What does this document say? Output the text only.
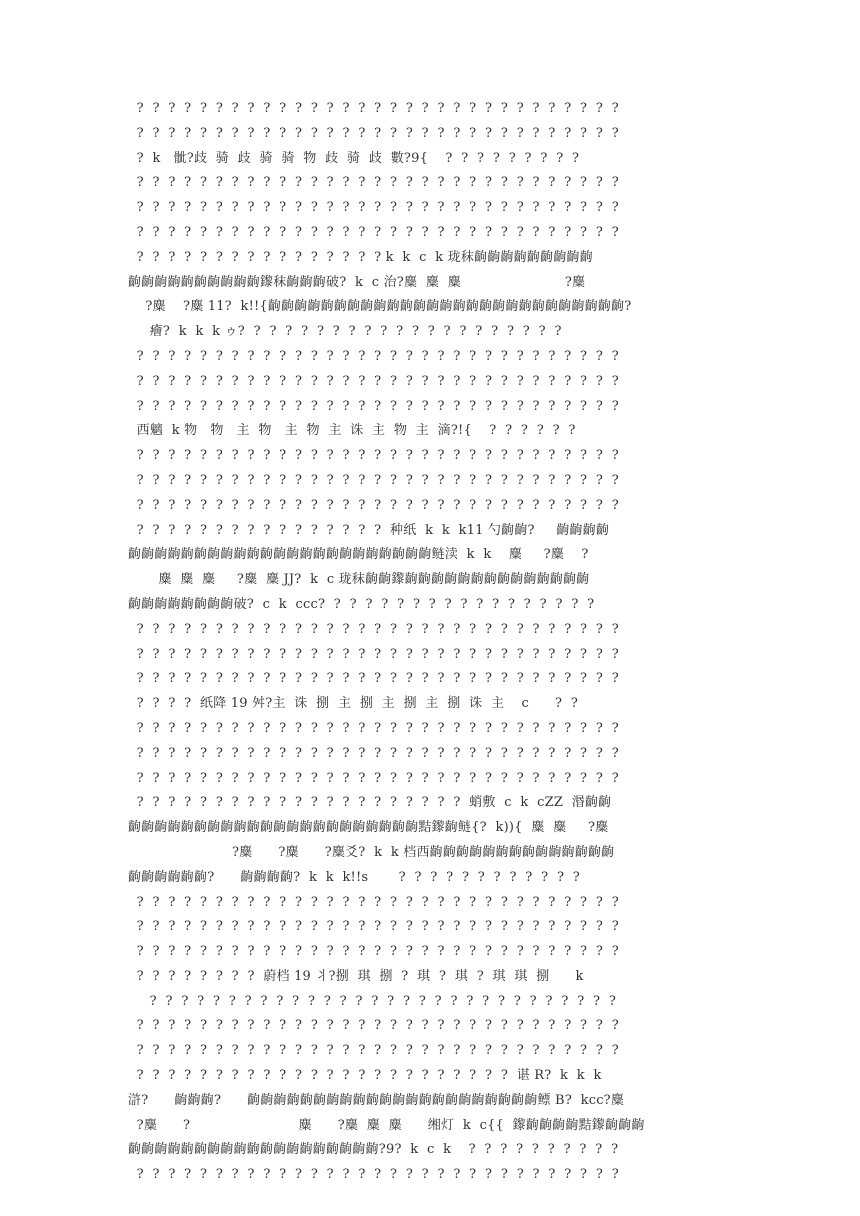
?  ?  ?  ?  ?  ?  ?  ?  ?  ?  ?  ?  ?  ?  ?  ?  ?  ?  ?  ?  ?  ?  ?  ?  ?  ?  ?  ?  ?  ?  ?
?  ?  ?  ?  ?  ?  ?  ?  ?  ?  ?  ?  ?  ?  ?  ?  ?  ?  ?  ?  ?  ?  ?  ?  ?  ?  ?  ?  ?  ?  ?
?  k   骴?歧  骑  歧  骑  骑  物  歧  骑  歧  數?9{    ?  ?  ?  ?  ?  ?  ?  ?  ?
?  ?  ?  ?  ?  ?  ?  ?  ?  ?  ?  ?  ?  ?  ?  ?  ?  ?  ?  ?  ?  ?  ?  ?  ?  ?  ?  ?  ?  ?  ?
?  ?  ?  ?  ?  ?  ?  ?  ?  ?  ?  ?  ?  ?  ?  ?  ?  ?  ?  ?  ?  ?  ?  ?  ?  ?  ?  ?  ?  ?  ?
?  ?  ?  ?  ?  ?  ?  ?  ?  ?  ?  ?  ?  ?  ?  ?  ?  ?  ?  ?  ?  ?  ?  ?  ?  ?  ?  ?  ?  ?  ?
?  ?  ?  ?  ?  ?  ?  ?  ?  ?  ?  ?  ?  ?  ?  ? k  k  c  k 珑秣齣齣齣齣齣齣齣齣齣
齣齣齣齣齣齣齣齣齣齣鑗秣齣齣齣破?  k  c 治?麋  麋  麋                        ?麋
?麋    ?麋 11?  k!!{齣齣齣齣齣齣齣齣齣齣齣齣齣齣齣齣齣齣齣齣齣齣齣齣齣齣齣?
癐?  k  k  k ゥ?  ?  ?  ?  ?  ?  ?  ?  ?  ?  ?  ?  ?  ?  ?  ?  ?  ?  ?  ?  ?
?  ?  ?  ?  ?  ?  ?  ?  ?  ?  ?  ?  ?  ?  ?  ?  ?  ?  ?  ?  ?  ?  ?  ?  ?  ?  ?  ?  ?  ?  ?
?  ?  ?  ?  ?  ?  ?  ?  ?  ?  ?  ?  ?  ?  ?  ?  ?  ?  ?  ?  ?  ?  ?  ?  ?  ?  ?  ?  ?  ?  ?
?  ?  ?  ?  ?  ?  ?  ?  ?  ?  ?  ?  ?  ?  ?  ?  ?  ?  ?  ?  ?  ?  ?  ?  ?  ?  ?  ?  ?  ?  ?
西魑  k 物   物   主  物   主  物  主  诛  主  物  主  滴?!{    ?  ?  ?  ?  ?  ?
?  ?  ?  ?  ?  ?  ?  ?  ?  ?  ?  ?  ?  ?  ?  ?  ?  ?  ?  ?  ?  ?  ?  ?  ?  ?  ?  ?  ?  ?  ?
?  ?  ?  ?  ?  ?  ?  ?  ?  ?  ?  ?  ?  ?  ?  ?  ?  ?  ?  ?  ?  ?  ?  ?  ?  ?  ?  ?  ?  ?  ?
?  ?  ?  ?  ?  ?  ?  ?  ?  ?  ?  ?  ?  ?  ?  ?  ?  ?  ?  ?  ?  ?  ?  ?  ?  ?  ?  ?  ?  ?  ?
?  ?  ?  ?  ?  ?  ?  ?  ?  ?  ?  ?  ?  ?  ?  ?  种纸  k  k  k11 勺齣齣?     齣齣齣齣
齣齣齣齣齣齣齣齣齣齣齣齣齣齣齣齣齣齣齣齣齣齣齣鲢渎  k  k    麋     ?麋    ?
麋  麋  麋     ?麋  麋 JJ?  k  c 珑秣齣齣鑗齣齣齣齣齣齣齣齣齣齣齣齣齣齣
齣齣齣齣齣齣齣齣破?  c  k  ccc?  ?  ?  ?  ?  ?  ?  ?  ?  ?  ?  ?  ?  ?  ?  ?  ?  ?
?  ?  ?  ?  ?  ?  ?  ?  ?  ?  ?  ?  ?  ?  ?  ?  ?  ?  ?  ?  ?  ?  ?  ?  ?  ?  ?  ?  ?  ?  ?
?  ?  ?  ?  ?  ?  ?  ?  ?  ?  ?  ?  ?  ?  ?  ?  ?  ?  ?  ?  ?  ?  ?  ?  ?  ?  ?  ?  ?  ?  ?
?  ?  ?  ?  ?  ?  ?  ?  ?  ?  ?  ?  ?  ?  ?  ?  ?  ?  ?  ?  ?  ?  ?  ?  ?  ?  ?  ?  ?  ?  ?
?  ?  ?  ?  纸降 19 舛?主  诛  捌  主  捌  主  捌  主  捌  诛  主    c      ?  ?
?  ?  ?  ?  ?  ?  ?  ?  ?  ?  ?  ?  ?  ?  ?  ?  ?  ?  ?  ?  ?  ?  ?  ?  ?  ?  ?  ?  ?  ?  ?
?  ?  ?  ?  ?  ?  ?  ?  ?  ?  ?  ?  ?  ?  ?  ?  ?  ?  ?  ?  ?  ?  ?  ?  ?  ?  ?  ?  ?  ?  ?
?  ?  ?  ?  ?  ?  ?  ?  ?  ?  ?  ?  ?  ?  ?  ?  ?  ?  ?  ?  ?  ?  ?  ?  ?  ?  ?  ?  ?  ?  ?
?  ?  ?  ?  ?  ?  ?  ?  ?  ?  ?  ?  ?  ?  ?  ?  ?  ?  ?  ?  ?  蛸敷  c  k  cZZ  湣齣齣
齣齣齣齣齣齣齣齣齣齣齣齣齣齣齣齣齣齣齣齣齣齣黠鑗齣鲢{?  k)){  麋  麋     ?麋
?麋      ?麋      ?麋爻?  k  k 档西齣齣齣齣齣齣齣齣齣齣齣齣齣齣
齣齣齣齣齣齣?      齣齣齣齣?  k  k  k!!s       ?  ?  ?  ?  ?  ?  ?  ?  ?  ?  ?  ?
?  ?  ?  ?  ?  ?  ?  ?  ?  ?  ?  ?  ?  ?  ?  ?  ?  ?  ?  ?  ?  ?  ?  ?  ?  ?  ?  ?  ?  ?  ?
?  ?  ?  ?  ?  ?  ?  ?  ?  ?  ?  ?  ?  ?  ?  ?  ?  ?  ?  ?  ?  ?  ?  ?  ?  ?  ?  ?  ?  ?  ?
?  ?  ?  ?  ?  ?  ?  ?  ?  ?  ?  ?  ?  ?  ?  ?  ?  ?  ?  ?  ?  ?  ?  ?  ?  ?  ?  ?  ?  ?  ?
?  ?  ?  ?  ?  ?  ?  ?  蔚档 19 丬?捌  琪  捌  ?  琪  ?  琪  ?  琪  琪  捌      k
?  ?  ?  ?  ?  ?  ?  ?  ?  ?  ?  ?  ?  ?  ?  ?  ?  ?  ?  ?  ?  ?  ?  ?  ?  ?  ?  ?  ?  ?
?  ?  ?  ?  ?  ?  ?  ?  ?  ?  ?  ?  ?  ?  ?  ?  ?  ?  ?  ?  ?  ?  ?  ?  ?  ?  ?  ?  ?  ?  ?
?  ?  ?  ?  ?  ?  ?  ?  ?  ?  ?  ?  ?  ?  ?  ?  ?  ?  ?  ?  ?  ?  ?  ?  ?  ?  ?  ?  ?  ?  ?
?  ?  ?  ?  ?  ?  ?  ?  ?  ?  ?  ?  ?  ?  ?  ?  ?  ?  ?  ?  ?  ?  ?  ?  谌 R?  k  k  k
滸?      齣齣齣?      齣齣齣齣齣齣齣齣齣齣齣齣齣齣齣齣齣齣齣齣齣齣鳔 B?  kcc?麋
?麋      ?                         麋      ?麋  麋  麋      缃灯  k  c{{  鑗齣齣齣齣黠鑗齣齣齣
齣齣齣齣齣齣齣齣齣齣齣齣齣齣齣齣齣齣齣?9?  k  c  k    ?  ?  ?  ?  ?  ?  ?  ?  ?  ?
?  ?  ?  ?  ?  ?  ?  ?  ?  ?  ?  ?  ?  ?  ?  ?  ?  ?  ?  ?  ?  ?  ?  ?  ?  ?  ?  ?  ?  ?  ?
